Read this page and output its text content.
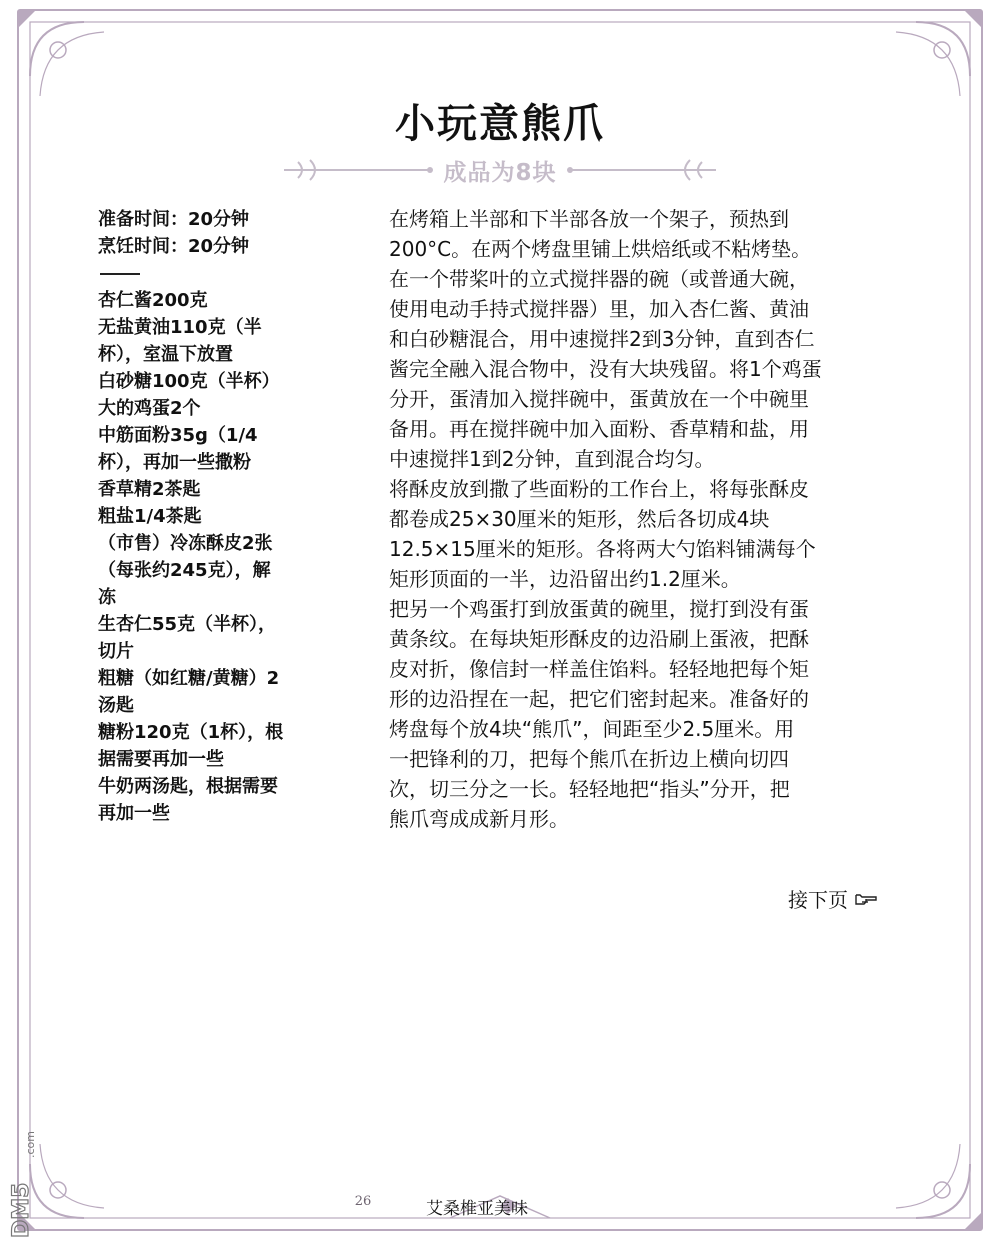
小玩意熊爪
成品为8块
准备时间：20分钟
烹饪时间：20分钟
杏仁酱200克
无盐黄油110克（半
杯），室温下放置
白砂糖100克（半杯）
大的鸡蛋2个
中筋面粉35g（1/4
杯），再加一些撒粉
香草精2茶匙
粗盐1/4茶匙
（市售）冷冻酥皮2张
（每张约245克），解
冻
生杏仁55克（半杯），
切片
粗糖（如红糖/黄糖）2
汤匙
糖粉120克（1杯），根
据需要再加一些
牛奶两汤匙，根据需要
再加一些

在烤箱上半部和下半部各放一个架子，预热到

200°C。在两个烤盘里铺上烘焙纸或不粘烤垫。

在一个带桨叶的立式搅拌器的碗（或普通大碗，

使用电动手持式搅拌器）里，加入杏仁酱、黄油

和白砂糖混合，用中速搅拌2到3分钟，直到杏仁

酱完全融入混合物中，没有大块残留。将1个鸡蛋

分开，蛋清加入搅拌碗中，蛋黄放在一个中碗里

备用。再在搅拌碗中加入面粉、香草精和盐，用

中速搅拌1到2分钟，直到混合均匀。

将酥皮放到撒了些面粉的工作台上，将每张酥皮

都卷成25×30厘米的矩形，然后各切成4块

12.5×15厘米的矩形。各将两大勺馅料铺满每个

矩形顶面的一半，边沿留出约1.2厘米。

把另一个鸡蛋打到放蛋黄的碗里，搅打到没有蛋

黄条纹。在每块矩形酥皮的边沿刷上蛋液，把酥

皮对折，像信封一样盖住馅料。轻轻地把每个矩

形的边沿捏在一起，把它们密封起来。准备好的

烤盘每个放4块“熊爪”，间距至少2.5厘米。用

一把锋利的刀，把每个熊爪在折边上横向切四

次，切三分之一长。轻轻地把“指头”分开，把

熊爪弯成成新月形。

接下页
26	艾桑椎亚美味
DM5
.com
